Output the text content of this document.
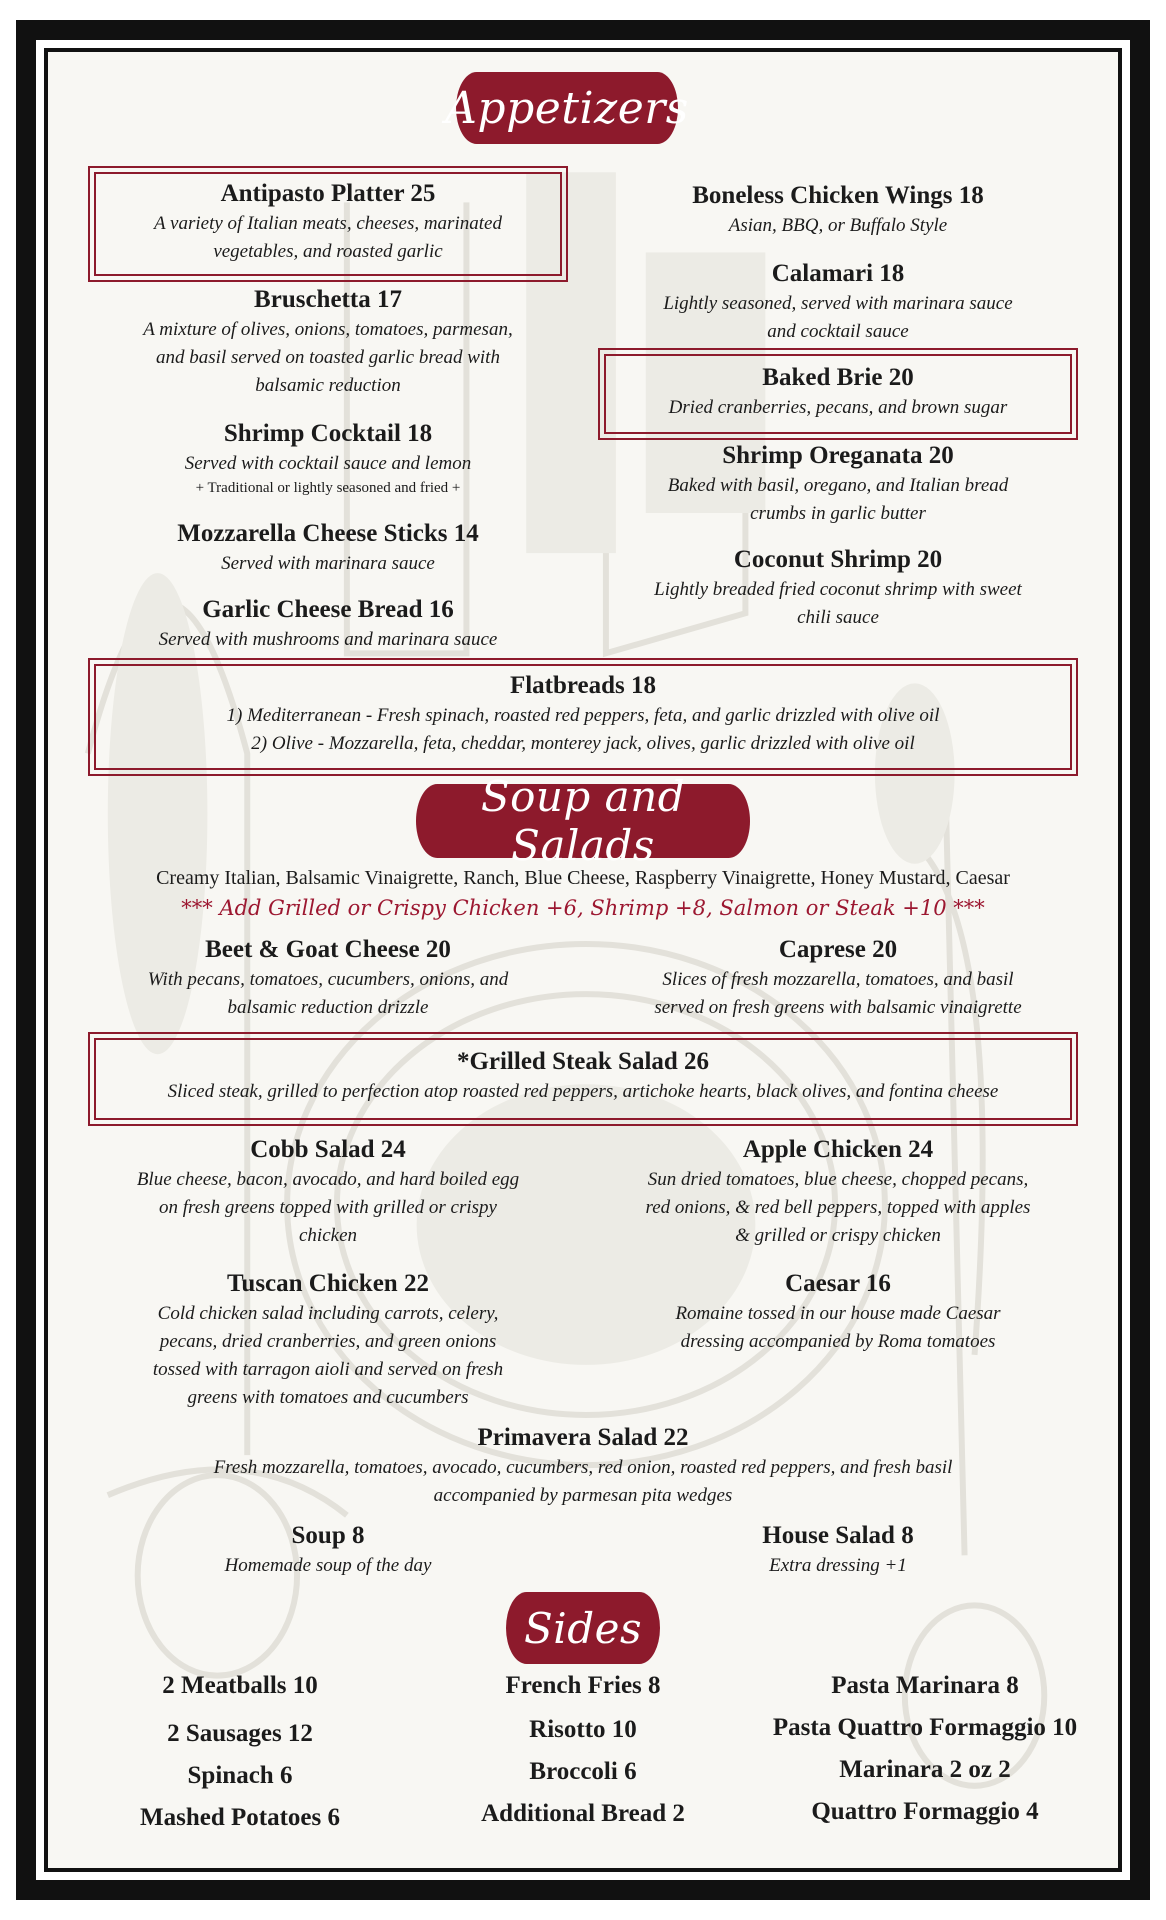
Appetizers
Antipasto Platter 25
A variety of Italian meats, cheeses, marinated
vegetables, and roasted garlic
Bruschetta 17
A mixture of olives, onions, tomatoes, parmesan,
and basil served on toasted garlic bread with
balsamic reduction
Shrimp Cocktail 18
Served with cocktail sauce and lemon
+ Traditional or lightly seasoned and fried +
Mozzarella Cheese Sticks 14
Served with marinara sauce
Garlic Cheese Bread 16
Served with mushrooms and marinara sauce
Boneless Chicken Wings 18
Asian, BBQ, or Buffalo Style
Calamari 18
Lightly seasoned, served with marinara sauce
and cocktail sauce
Baked Brie 20
Dried cranberries, pecans, and brown sugar
Shrimp Oreganata 20
Baked with basil, oregano, and Italian bread
crumbs in garlic butter
Coconut Shrimp 20
Lightly breaded fried coconut shrimp with sweet
chili sauce
Flatbreads 18
1) Mediterranean - Fresh spinach, roasted red peppers, feta, and garlic drizzled with olive oil
2) Olive - Mozzarella, feta, cheddar, monterey jack, olives, garlic drizzled with olive oil
Soup and Salads
Creamy Italian, Balsamic Vinaigrette, Ranch, Blue Cheese, Raspberry Vinaigrette, Honey Mustard, Caesar
*** Add Grilled or Crispy Chicken +6, Shrimp +8, Salmon or Steak +10 ***
Beet & Goat Cheese 20
With pecans, tomatoes, cucumbers, onions, and
balsamic reduction drizzle
Caprese 20
Slices of fresh mozzarella, tomatoes, and basil
served on fresh greens with balsamic vinaigrette
*Grilled Steak Salad 26
Sliced steak, grilled to perfection atop roasted red peppers, artichoke hearts, black olives, and fontina cheese
Cobb Salad 24
Blue cheese, bacon, avocado, and hard boiled egg
on fresh greens topped with grilled or crispy
chicken
Apple Chicken 24
Sun dried tomatoes, blue cheese, chopped pecans,
red onions, & red bell peppers, topped with apples
& grilled or crispy chicken
Tuscan Chicken 22
Cold chicken salad including carrots, celery,
pecans, dried cranberries, and green onions
tossed with tarragon aioli and served on fresh
greens with tomatoes and cucumbers
Caesar 16
Romaine tossed in our house made Caesar
dressing accompanied by Roma tomatoes
Primavera Salad 22
Fresh mozzarella, tomatoes, avocado, cucumbers, red onion, roasted red peppers, and fresh basil
accompanied by parmesan pita wedges
Soup 8
Homemade soup of the day
House Salad 8
Extra dressing +1
Sides
2 Meatballs 10
2 Sausages 12
Spinach 6
Mashed Potatoes 6
French Fries 8
Risotto 10
Broccoli 6
Additional Bread 2
Pasta Marinara 8
Pasta Quattro Formaggio 10
Marinara 2 oz 2
Quattro Formaggio 4
